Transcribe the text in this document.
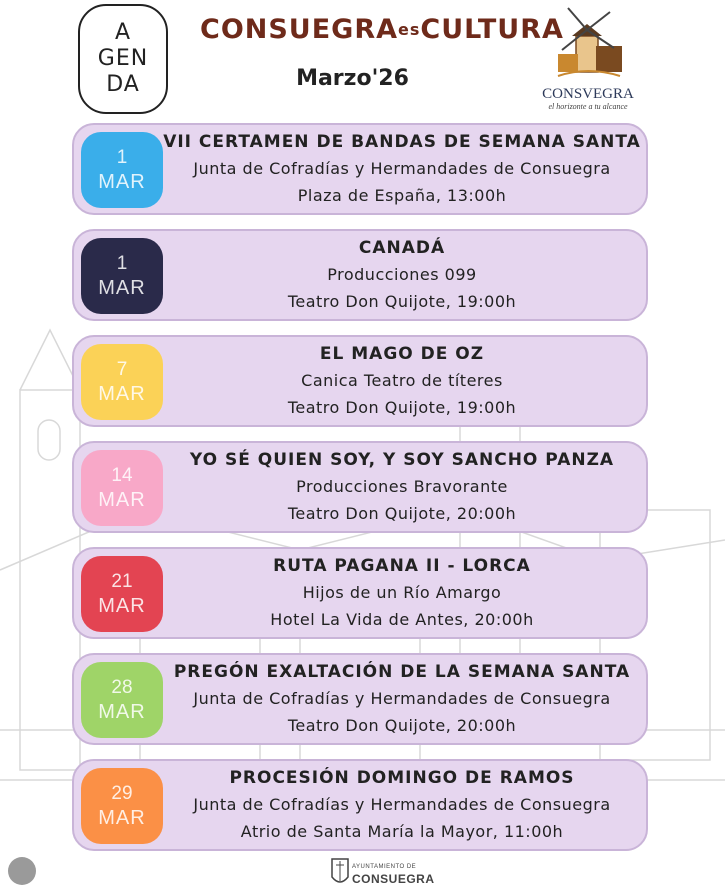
A
GEN
DA
CONSUEGRAesCULTURA
Marzo'26
CONSVEGRA
el horizonte a tu alcance
1
MAR
VII CERTAMEN DE BANDAS DE SEMANA SANTA
Junta de Cofradías y Hermandades de Consuegra
Plaza de España, 13:00h
1
MAR
CANADÁ
Producciones 099
Teatro Don Quijote, 19:00h
7
MAR
EL MAGO DE OZ
Canica Teatro de títeres
Teatro Don Quijote, 19:00h
14
MAR
YO SÉ QUIEN SOY, Y SOY SANCHO PANZA
Producciones Bravorante
Teatro Don Quijote, 20:00h
21
MAR
RUTA PAGANA II - LORCA
Hijos de un Río Amargo
Hotel La Vida de Antes, 20:00h
28
MAR
PREGÓN EXALTACIÓN DE LA SEMANA SANTA
Junta de Cofradías y Hermandades de Consuegra
Teatro Don Quijote, 20:00h
29
MAR
PROCESIÓN DOMINGO DE RAMOS
Junta de Cofradías y Hermandades de Consuegra
Atrio de Santa María la Mayor, 11:00h
AYUNTAMIENTO DE
CONSUEGRA
